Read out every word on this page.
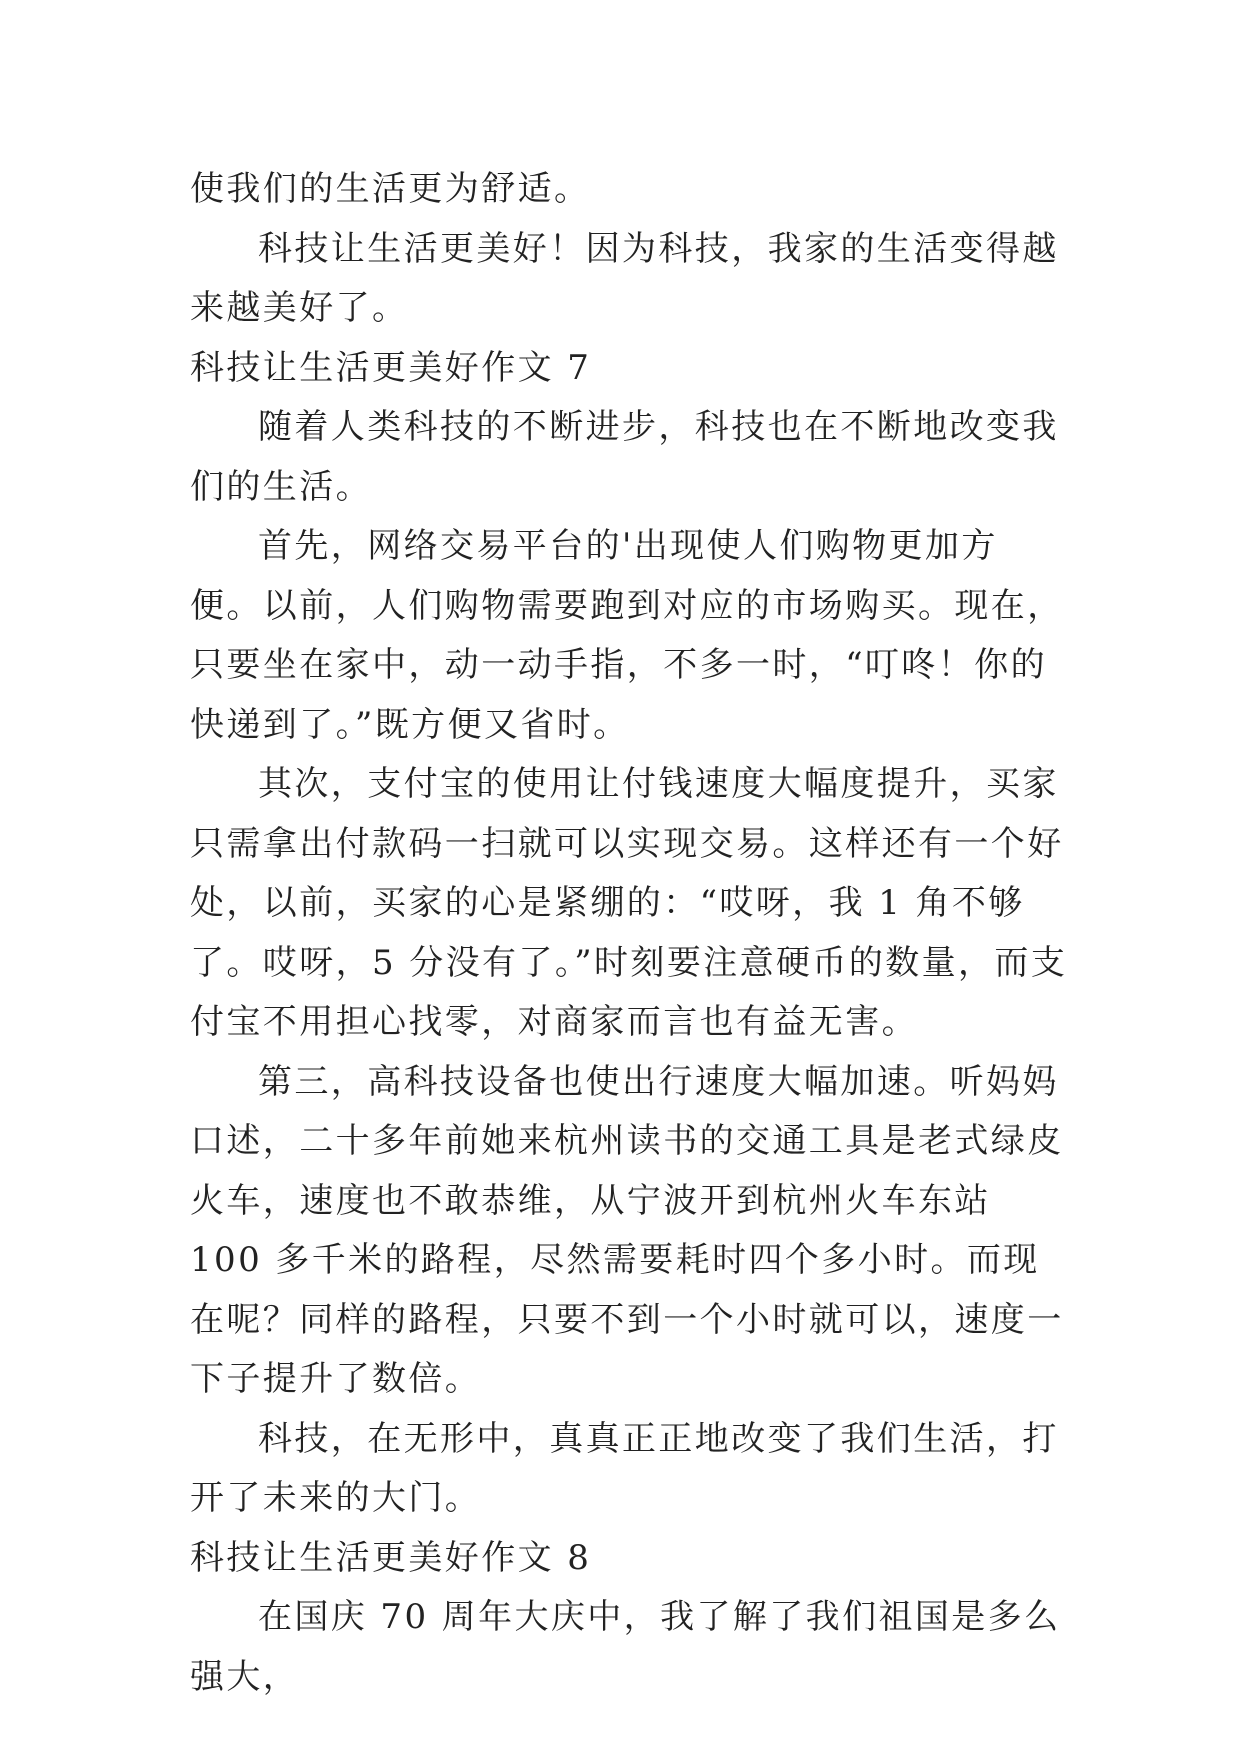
使我们的生活更为舒适。

科技让生活更美好！因为科技，我家的生活变得越来越美好了。

科技让生活更美好作文 7

随着人类科技的不断进步，科技也在不断地改变我们的生活。

首先，网络交易平台的'出现使人们购物更加方便。以前，人们购物需要跑到对应的市场购买。现在，只要坐在家中，动一动手指，不多一时，“叮咚！你的快递到了。”既方便又省时。

其次，支付宝的使用让付钱速度大幅度提升，买家只需拿出付款码一扫就可以实现交易。这样还有一个好处，以前，买家的心是紧绷的：“哎呀，我 1 角不够了。哎呀，5 分没有了。”时刻要注意硬币的数量，而支付宝不用担心找零，对商家而言也有益无害。

第三，高科技设备也使出行速度大幅加速。听妈妈口述，二十多年前她来杭州读书的交通工具是老式绿皮火车，速度也不敢恭维，从宁波开到杭州火车东站 100 多千米的路程，尽然需要耗时四个多小时。而现在呢？同样的路程，只要不到一个小时就可以，速度一下子提升了数倍。

科技，在无形中，真真正正地改变了我们生活，打开了未来的大门。

科技让生活更美好作文 8

在国庆 70 周年大庆中，我了解了我们祖国是多么强大，
